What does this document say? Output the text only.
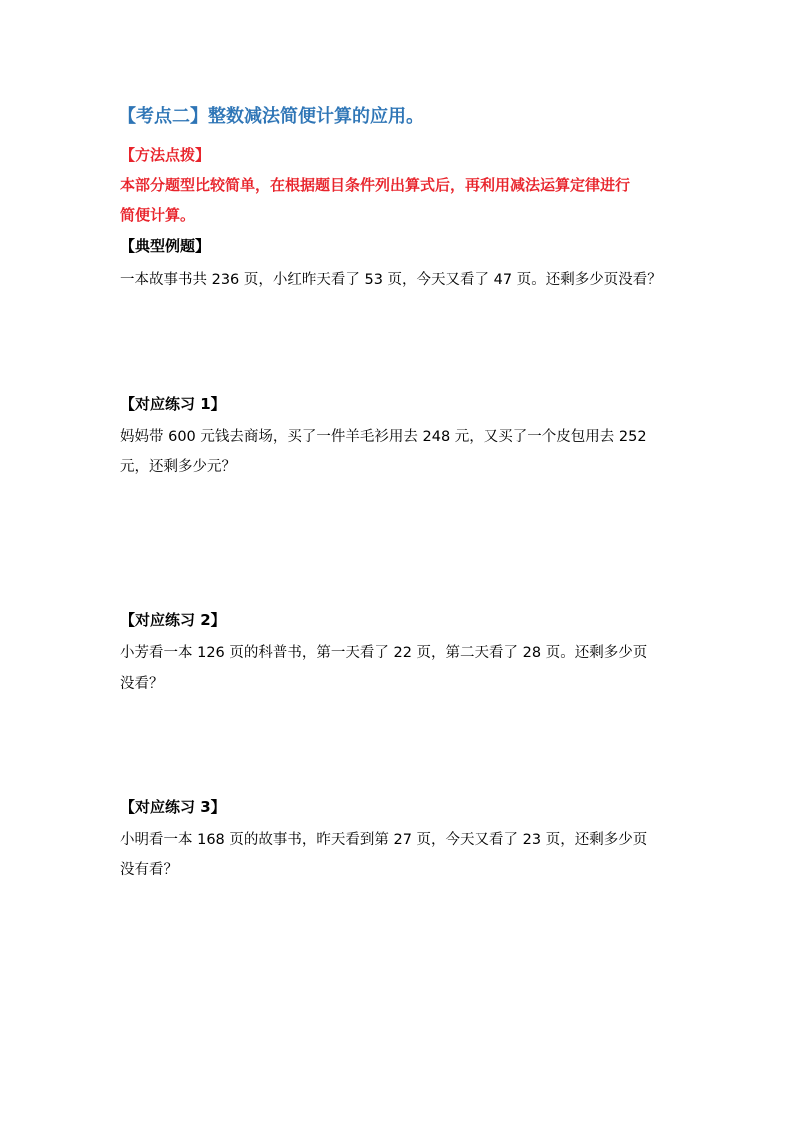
【考点二】整数减法简便计算的应用。
【方法点拨】
本部分题型比较简单，在根据题目条件列出算式后，再利用减法运算定律进行
简便计算。
【典型例题】
一本故事书共 236 页，小红昨天看了 53 页，今天又看了 47 页。还剩多少页没看？
【对应练习 1】
妈妈带 600 元钱去商场，买了一件羊毛衫用去 248 元，又买了一个皮包用去 252
元，还剩多少元？
【对应练习 2】
小芳看一本 126 页的科普书，第一天看了 22 页，第二天看了 28 页。还剩多少页
没看？
【对应练习 3】
小明看一本 168 页的故事书，昨天看到第 27 页，今天又看了 23 页，还剩多少页
没有看？
